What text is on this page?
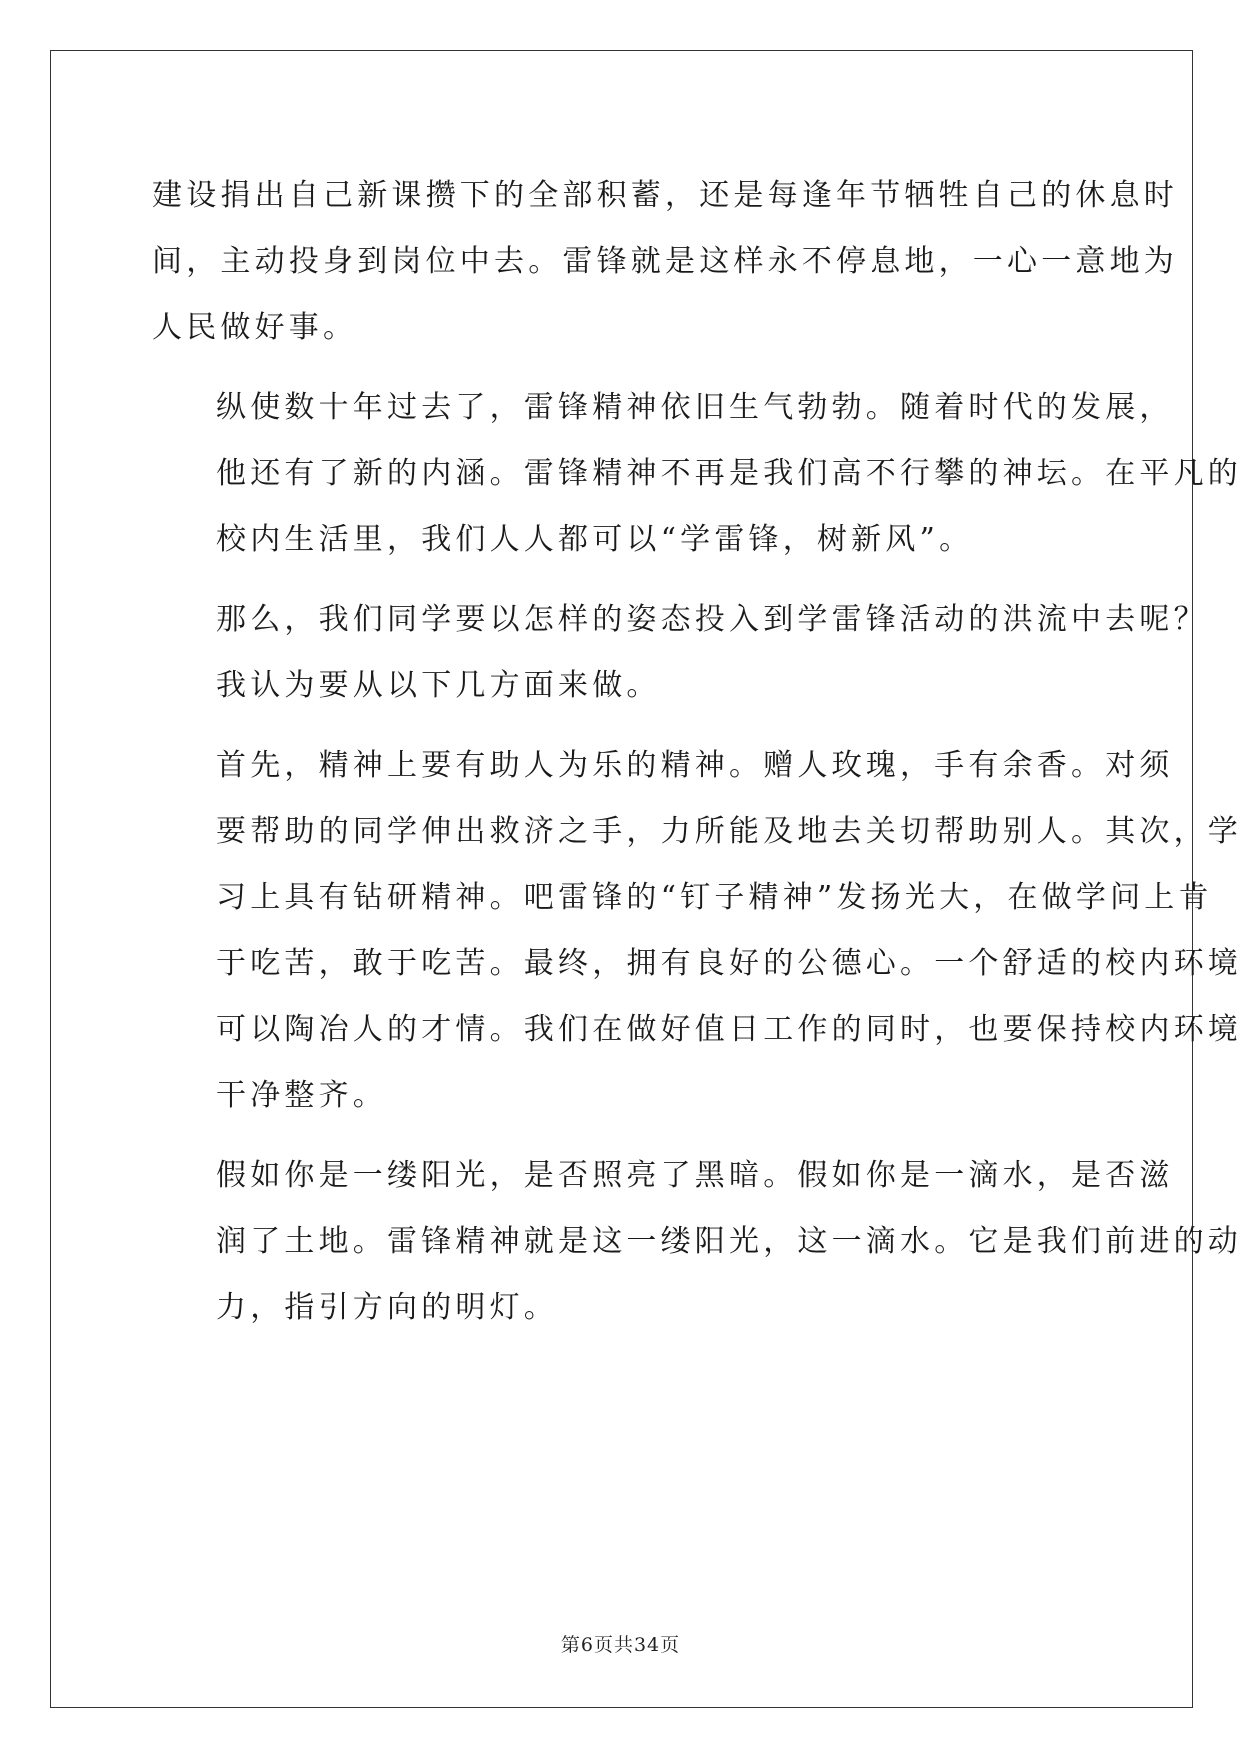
建设捐出自己新课攒下的全部积蓄，还是每逢年节牺牲自己的休息时
间，主动投身到岗位中去。雷锋就是这样永不停息地，一心一意地为
人民做好事。
纵使数十年过去了，雷锋精神依旧生气勃勃。随着时代的发展，
他还有了新的内涵。雷锋精神不再是我们高不行攀的神坛。在平凡的
校内生活里，我们人人都可以“学雷锋，树新风”。
那么，我们同学要以怎样的姿态投入到学雷锋活动的洪流中去呢？
我认为要从以下几方面来做。
首先，精神上要有助人为乐的精神。赠人玫瑰，手有余香。对须
要帮助的同学伸出救济之手，力所能及地去关切帮助别人。其次，学
习上具有钻研精神。吧雷锋的“钉子精神”发扬光大，在做学问上肯
于吃苦，敢于吃苦。最终，拥有良好的公德心。一个舒适的校内环境
可以陶冶人的才情。我们在做好值日工作的同时，也要保持校内环境
干净整齐。
假如你是一缕阳光，是否照亮了黑暗。假如你是一滴水，是否滋
润了土地。雷锋精神就是这一缕阳光，这一滴水。它是我们前进的动
力，指引方向的明灯。
第6页共34页
